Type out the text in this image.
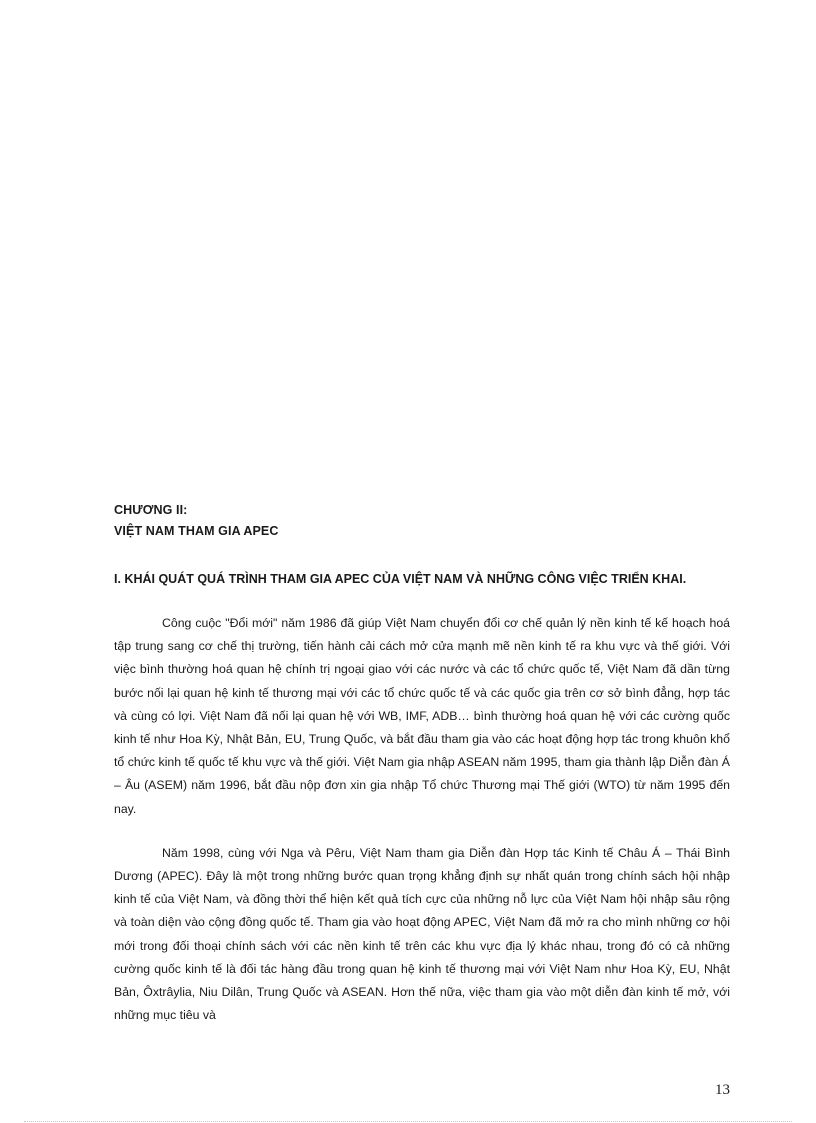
CHƯƠNG II:
VIỆT NAM THAM GIA APEC
I. KHÁI QUÁT QUÁ TRÌNH THAM GIA APEC CỦA VIỆT NAM VÀ NHỮNG CÔNG VIỆC TRIỂN KHAI.

Công cuộc "Đổi mới" năm 1986 đã giúp Việt Nam chuyển đổi cơ chế quản lý nền kinh tế kế hoạch hoá tập trung sang cơ chế thị trường, tiến hành cải cách mở cửa mạnh mẽ nền kinh tế ra khu vực và thế giới. Với việc bình thường hoá quan hệ chính trị ngoại giao với các nước và các tổ chức quốc tế, Việt Nam đã dần từng bước nối lại quan hệ kinh tế thương mại với các tổ chức quốc tế và các quốc gia trên cơ sở bình đẳng, hợp tác và cùng có lợi. Việt Nam đã nối lại quan hệ với WB, IMF, ADB… bình thường hoá quan hệ với các cường quốc kinh tế như Hoa Kỳ, Nhật Bản, EU, Trung Quốc, và bắt đầu tham gia vào các hoạt động hợp tác trong khuôn khổ tổ chức kinh tế quốc tế khu vực và thế giới. Việt Nam gia nhập ASEAN năm 1995, tham gia thành lập Diễn đàn Á – Âu (ASEM) năm 1996, bắt đầu nộp đơn xin gia nhập Tổ chức Thương mại Thế giới (WTO) từ năm 1995 đến nay.

Năm 1998, cùng với Nga và Pêru, Việt Nam tham gia Diễn đàn Hợp tác Kinh tế Châu Á – Thái Bình Dương (APEC). Đây là một trong những bước quan trọng khẳng định sự nhất quán trong chính sách hội nhập kinh tế của Việt Nam, và đồng thời thể hiện kết quả tích cực của những nỗ lực của Việt Nam hội nhập sâu rộng và toàn diện vào cộng đồng quốc tế. Tham gia vào hoạt động APEC, Việt Nam đã mở ra cho mình những cơ hội mới trong đối thoại chính sách với các nền kinh tế trên các khu vực địa lý khác nhau, trong đó có cả những cường quốc kinh tế là đối tác hàng đầu trong quan hệ kinh tế thương mại với Việt Nam như Hoa Kỳ, EU, Nhật Bản, Ôxtrâylia, Niu Dilân, Trung Quốc và ASEAN. Hơn thế nữa, việc tham gia vào một diễn đàn kinh tế mở, với những mục tiêu và

13
